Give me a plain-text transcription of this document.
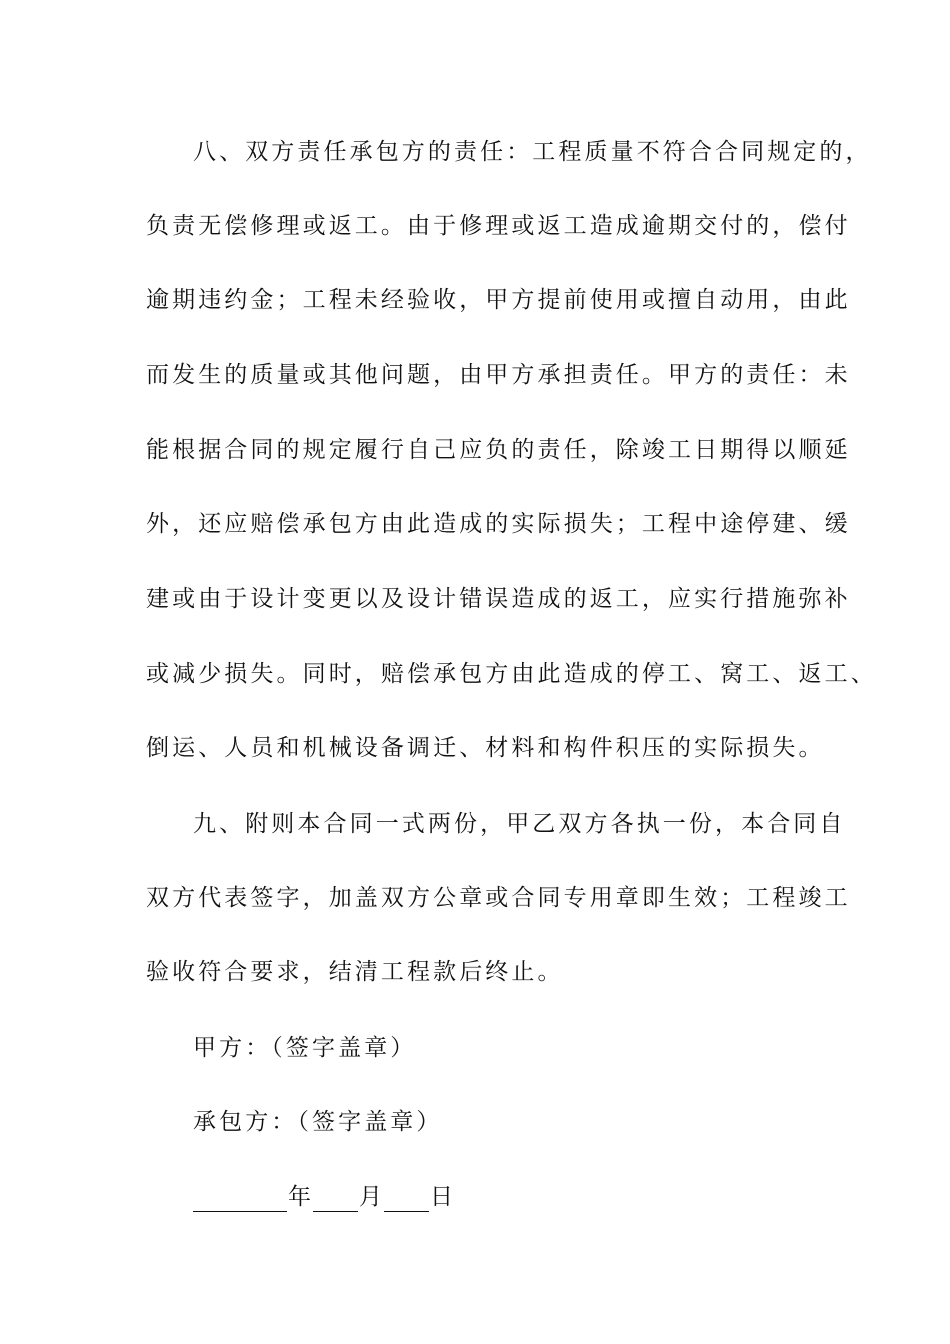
八、双方责任承包方的责任：工程质量不符合合同规定的，
负责无偿修理或返工。由于修理或返工造成逾期交付的，偿付
逾期违约金；工程未经验收，甲方提前使用或擅自动用，由此
而发生的质量或其他问题，由甲方承担责任。甲方的责任：未
能根据合同的规定履行自己应负的责任，除竣工日期得以顺延
外，还应赔偿承包方由此造成的实际损失；工程中途停建、缓
建或由于设计变更以及设计错误造成的返工，应实行措施弥补
或减少损失。同时，赔偿承包方由此造成的停工、窝工、返工、
倒运、人员和机械设备调迁、材料和构件积压的实际损失。
九、附则本合同一式两份，甲乙双方各执一份，本合同自
双方代表签字，加盖双方公章或合同专用章即生效；工程竣工
验收符合要求，结清工程款后终止。
甲方：（签字盖章）
承包方：（签字盖章）
年 月 日
